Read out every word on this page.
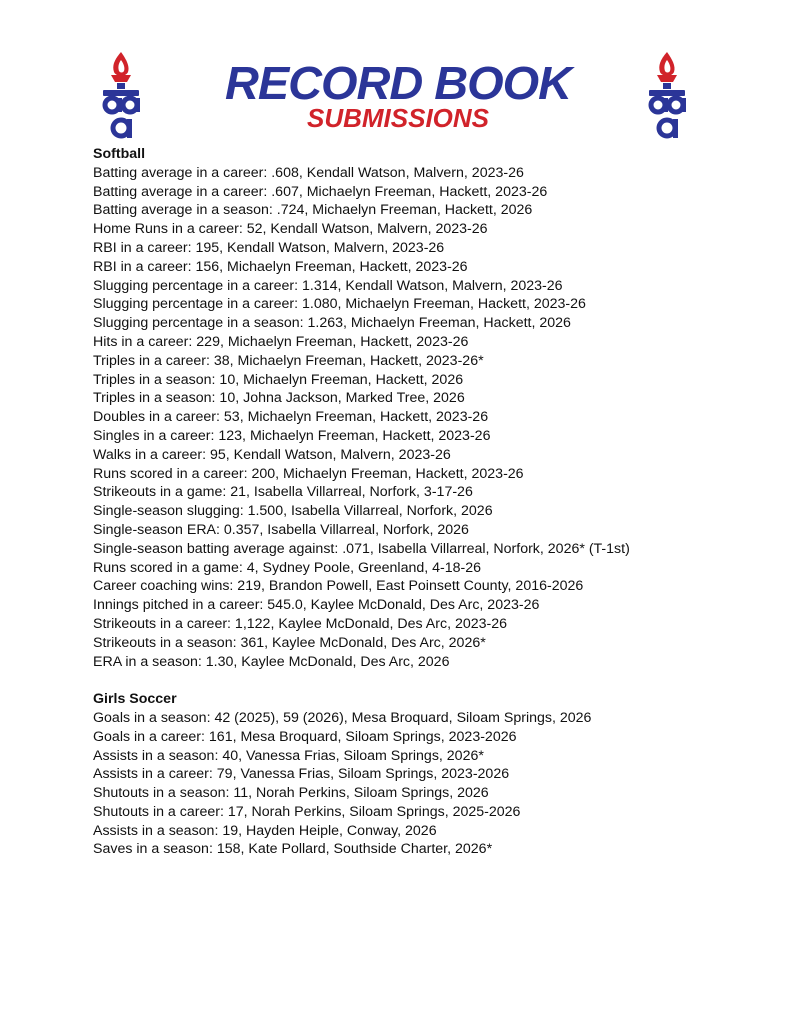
RECORD BOOK
SUBMISSIONS

Softball

Batting average in a career: .608, Kendall Watson, Malvern, 2023-26

Batting average in a career: .607, Michaelyn Freeman, Hackett, 2023-26

Batting average in a season: .724, Michaelyn Freeman, Hackett, 2026

Home Runs in a career: 52, Kendall Watson, Malvern, 2023-26

RBI in a career: 195, Kendall Watson, Malvern, 2023-26

RBI in a career: 156, Michaelyn Freeman, Hackett, 2023-26

Slugging percentage in a career: 1.314, Kendall Watson, Malvern, 2023-26

Slugging percentage in a career: 1.080, Michaelyn Freeman, Hackett, 2023-26

Slugging percentage in a season: 1.263, Michaelyn Freeman, Hackett, 2026

Hits in a career: 229, Michaelyn Freeman, Hackett, 2023-26

Triples in a career: 38, Michaelyn Freeman, Hackett, 2023-26*

Triples in a season: 10, Michaelyn Freeman, Hackett, 2026

Triples in a season: 10, Johna Jackson, Marked Tree, 2026

Doubles in a career: 53, Michaelyn Freeman, Hackett, 2023-26

Singles in a career: 123, Michaelyn Freeman, Hackett, 2023-26

Walks in a career: 95, Kendall Watson, Malvern, 2023-26

Runs scored in a career: 200, Michaelyn Freeman, Hackett, 2023-26

Strikeouts in a game: 21, Isabella Villarreal, Norfork, 3-17-26

Single-season slugging: 1.500, Isabella Villarreal, Norfork, 2026

Single-season ERA: 0.357, Isabella Villarreal, Norfork, 2026

Single-season batting average against: .071, Isabella Villarreal, Norfork, 2026* (T-1st)

Runs scored in a game: 4, Sydney Poole, Greenland, 4-18-26

Career coaching wins: 219, Brandon Powell, East Poinsett County, 2016-2026

Innings pitched in a career: 545.0, Kaylee McDonald, Des Arc, 2023-26

Strikeouts in a career: 1,122, Kaylee McDonald, Des Arc, 2023-26

Strikeouts in a season: 361, Kaylee McDonald, Des Arc, 2026*

ERA in a season: 1.30, Kaylee McDonald, Des Arc, 2026

Girls Soccer

Goals in a season: 42 (2025), 59 (2026), Mesa Broquard, Siloam Springs, 2026

Goals in a career: 161, Mesa Broquard, Siloam Springs, 2023-2026

Assists in a season: 40, Vanessa Frias, Siloam Springs, 2026*

Assists in a career: 79, Vanessa Frias, Siloam Springs, 2023-2026

Shutouts in a season: 11, Norah Perkins, Siloam Springs, 2026

Shutouts in a career: 17, Norah Perkins, Siloam Springs, 2025-2026

Assists in a season: 19, Hayden Heiple, Conway, 2026

Saves in a season: 158, Kate Pollard, Southside Charter, 2026*
